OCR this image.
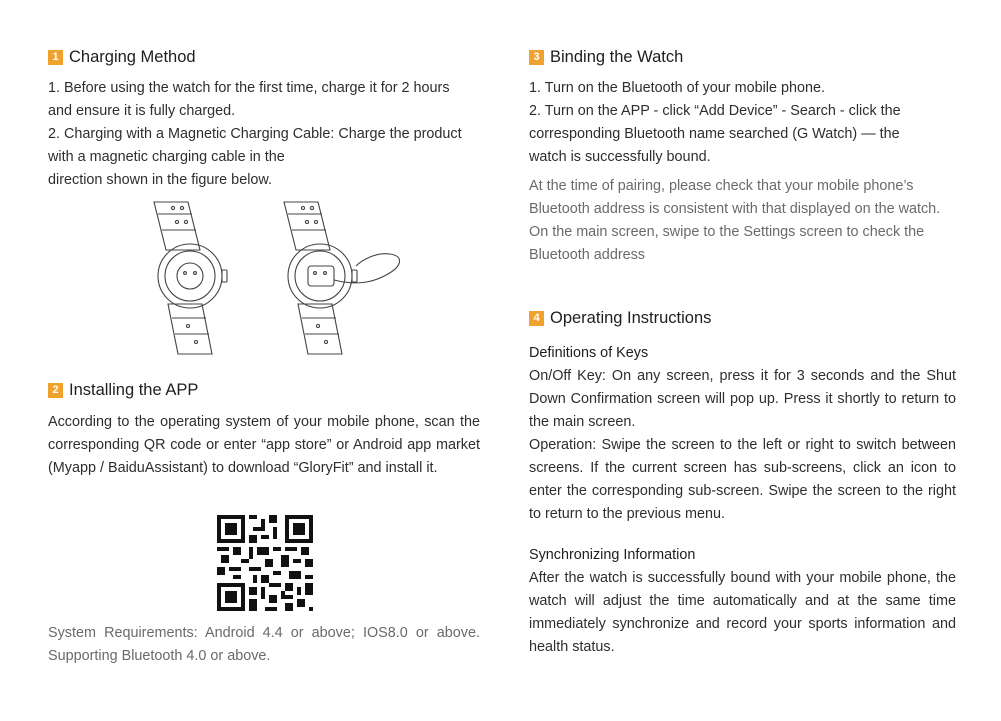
1 Charging Method

1. Before using the watch for the first time, charge it for 2 hours
and ensure it is fully charged.
2. Charging with a Magnetic Charging Cable: Charge the product
with a magnetic charging cable in the
direction shown in the figure below.

2 Installing the APP

According to the operating system of your mobile phone, scan the corresponding QR code or enter “app store” or Android app market (Myapp / BaiduAssistant) to download “GloryFit” and install it.

System Requirements: Android 4.4 or above; IOS8.0 or above. Supporting Bluetooth 4.0 or above.

3 Binding the Watch

1. Turn on the Bluetooth of your mobile phone.
2. Turn on the APP - click “Add Device” - Search - click the
corresponding Bluetooth name searched (G Watch) — the
watch is successfully bound.

At the time of pairing, please check that your mobile phone’s
Bluetooth address is consistent with that displayed on the watch.
On the main screen, swipe to the Settings screen to check the
Bluetooth address

4 Operating Instructions

Definitions of Keys

On/Off Key: On any screen, press it for 3 seconds and the Shut Down Confirmation screen will pop up. Press it shortly to return to the main screen.

Operation: Swipe the screen to the left or right to switch between screens. If the current screen has sub-screens, click an icon to enter the corresponding sub-screen. Swipe the screen to the right to return to the previous menu.

Synchronizing Information

After the watch is successfully bound with your mobile phone, the watch will adjust the time automatically and at the same time immediately synchronize and record your sports information and health status.
